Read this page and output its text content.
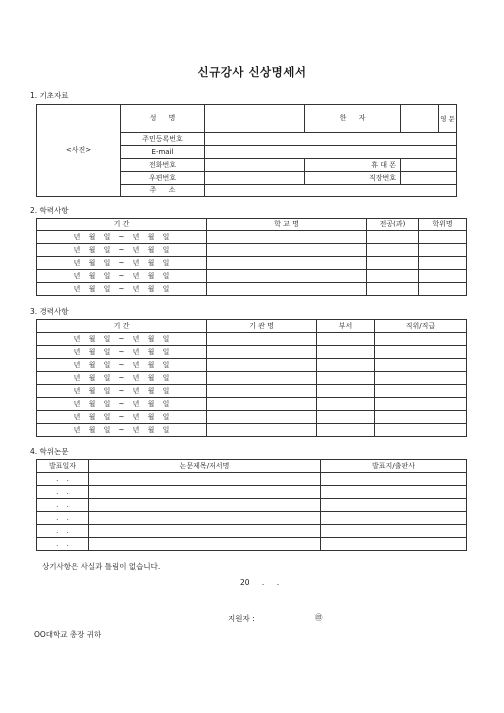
신규강사 신상명세서
1. 기초자료
<사진>	성 명		한 자		영 문
	주민등록번호				
	E-mail				
	전화번호		휴 대 폰		
	우편번호		직장번호		
	주 소				
2. 학력사항
기 간	학 교 명	전공(과)	학위명
년 월 일 ~ 년 월 일			
년 월 일 ~ 년 월 일			
년 월 일 ~ 년 월 일			
년 월 일 ~ 년 월 일			
년 월 일 ~ 년 월 일			
3. 경력사항
기 간	기 관 명	부서	직위/직급
년 월 일 ~ 년 월 일			
년 월 일 ~ 년 월 일			
년 월 일 ~ 년 월 일			
년 월 일 ~ 년 월 일			
년 월 일 ~ 년 월 일			
년 월 일 ~ 년 월 일			
년 월 일 ~ 년 월 일			
년 월 일 ~ 년 월 일			
4. 학위논문
발표일자	논문제목/저서명	발표지/출판사
. .		
. .		
. .		
. .		
. .		
. .		
상기사항은 사실과 틀림이 없습니다.
20 . .
지원자 :	㊞
OO대학교 총장 귀하
